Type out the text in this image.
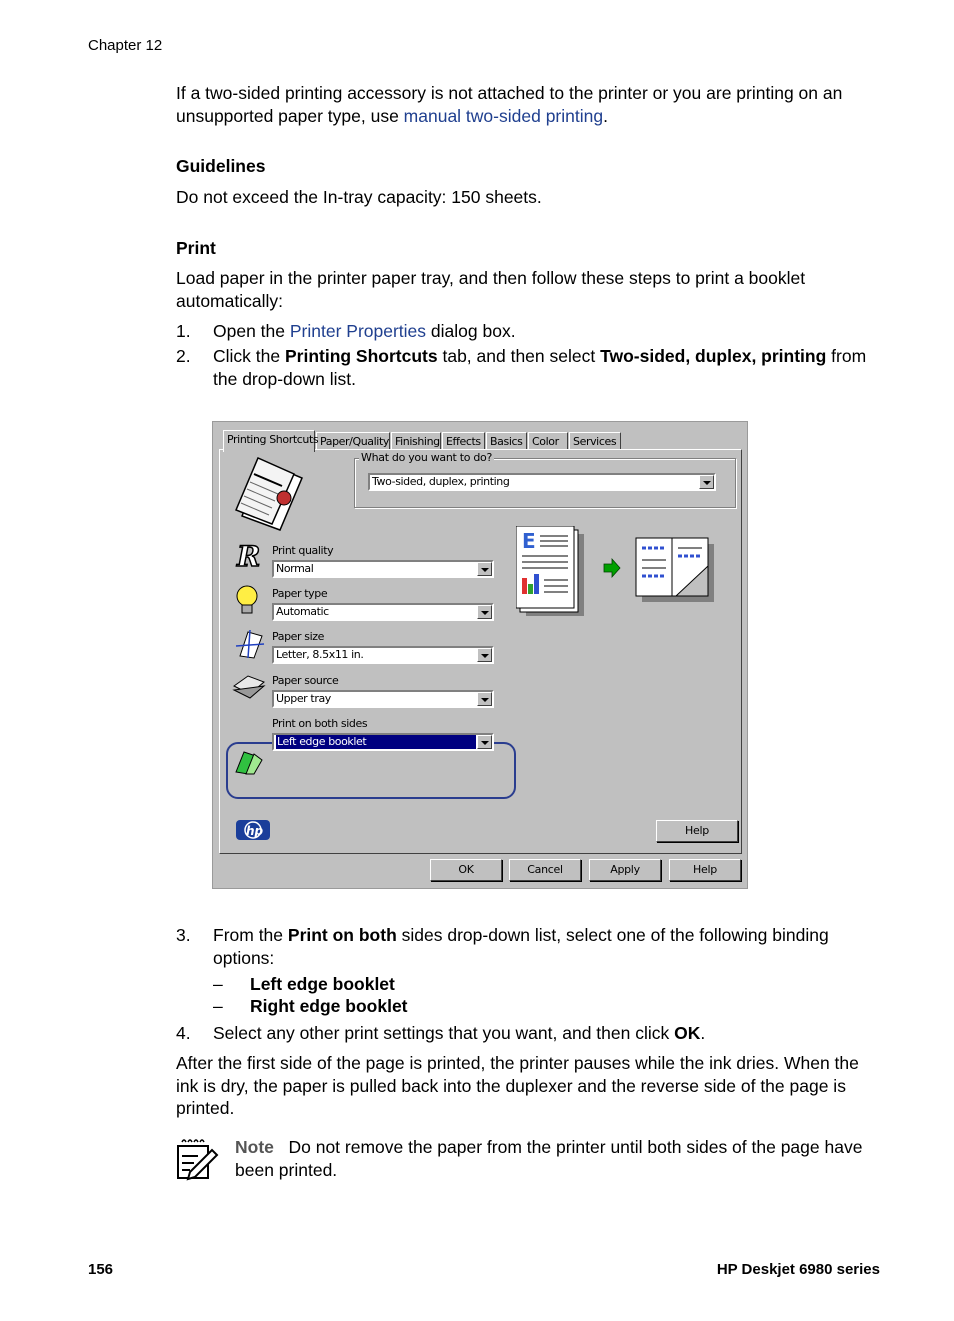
Chapter 12
If a two-sided printing accessory is not attached to the printer or you are printing on an unsupported paper type, use manual two-sided printing.
Guidelines
Do not exceed the In-tray capacity: 150 sheets.
Print
Load paper in the printer paper tray, and then follow these steps to print a booklet automatically:
1. Open the Printer Properties dialog box.
2. Click the Printing Shortcuts tab, and then select Two-sided, duplex, printing from the drop-down list.
Printing Shortcuts Paper/Quality Finishing Effects Basics Color	Services
What do you want to do?
Two-sided, duplex, printing
R Print quality
Normal
Paper type
Automatic
Paper size
Letter, 8.5x11 in.
Paper source
Upper tray
Print on both sides
Left edge booklet
E
hp	Help
OK	Cancel	Apply	Help
3. From the Print on both sides drop-down list, select one of the following binding options:
– Left edge booklet
– Right edge booklet
4. Select any other print settings that you want, and then click OK.
After the first side of the page is printed, the printer pauses while the ink dries. When the ink is dry, the paper is pulled back into the duplexer and the reverse side of the page is printed.
Note Do not remove the paper from the printer until both sides of the page have been printed.
156	HP Deskjet 6980 series
